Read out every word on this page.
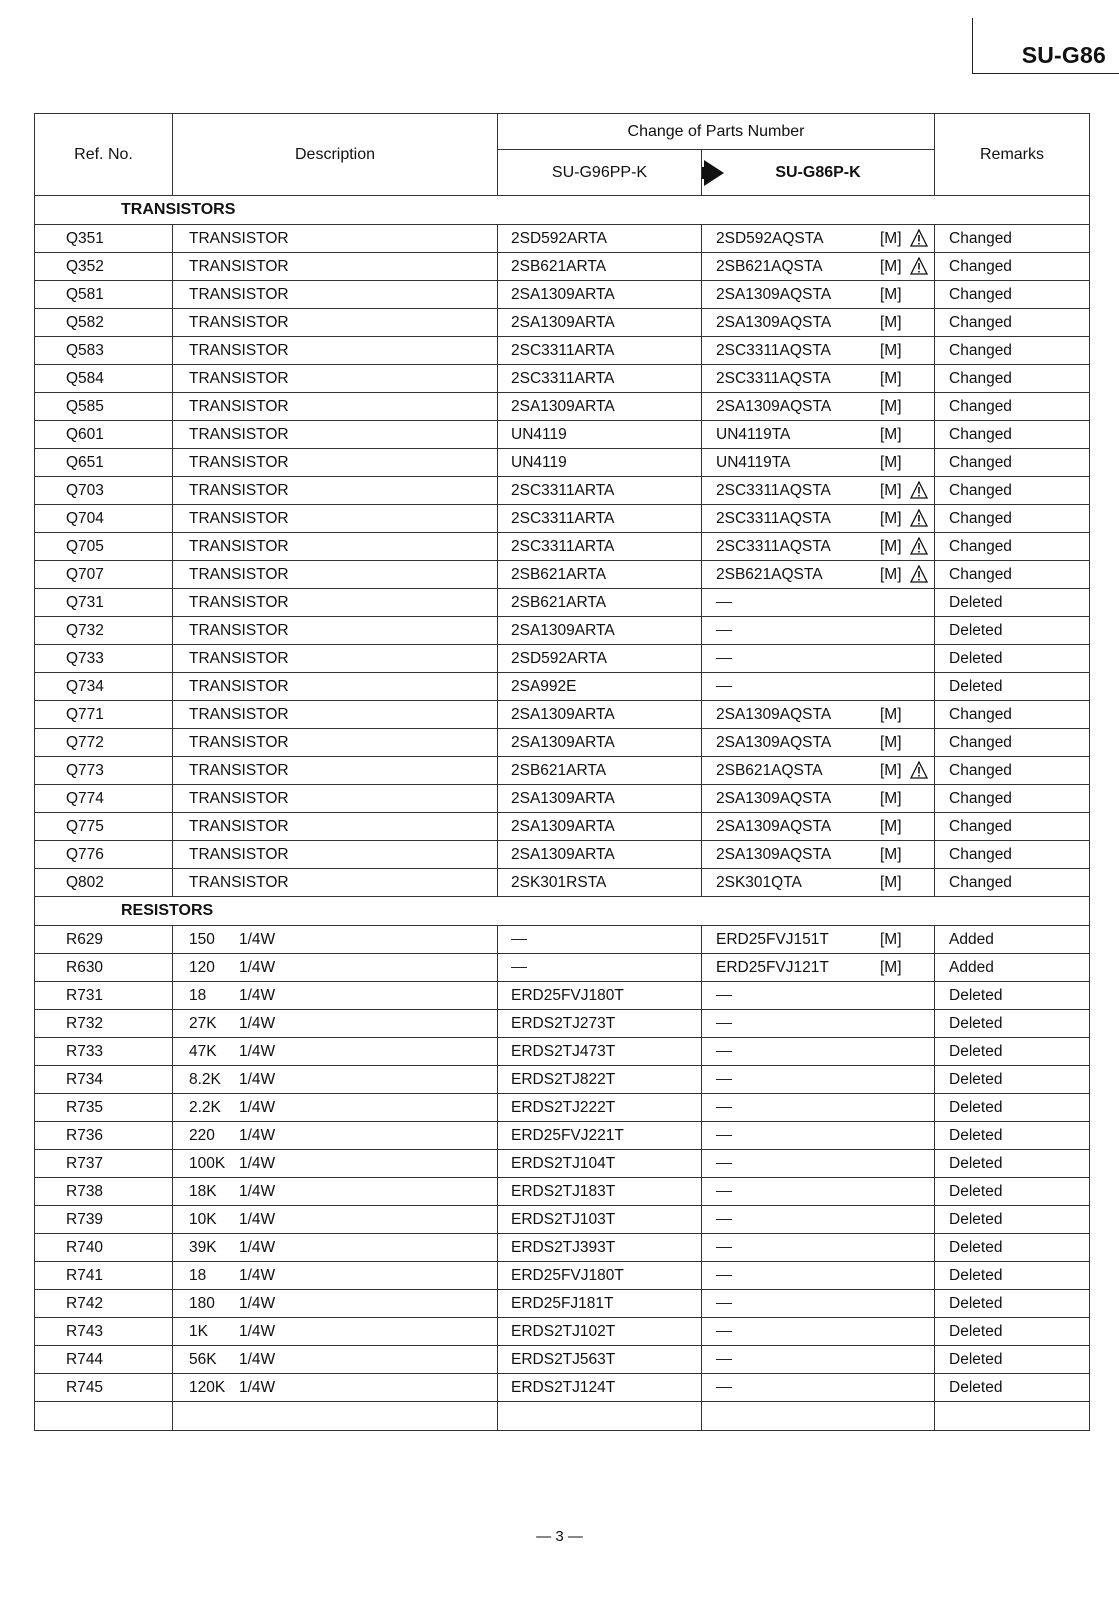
SU-G86
Ref. No.	Description	Change of Parts Number		Remarks
		SU-G96PP-K	SU-G86P-K	
TRANSISTORS				
Q351	TRANSISTOR	2SD592ARTA	2SD592AQSTA [M]	Changed
Q352	TRANSISTOR	2SB621ARTA	2SB621AQSTA [M]	Changed
Q581	TRANSISTOR	2SA1309ARTA	2SA1309AQSTA [M]	Changed
Q582	TRANSISTOR	2SA1309ARTA	2SA1309AQSTA [M]	Changed
Q583	TRANSISTOR	2SC3311ARTA	2SC3311AQSTA [M]	Changed
Q584	TRANSISTOR	2SC3311ARTA	2SC3311AQSTA [M]	Changed
Q585	TRANSISTOR	2SA1309ARTA	2SA1309AQSTA [M]	Changed
Q601	TRANSISTOR	UN4119	UN4119TA [M]	Changed
Q651	TRANSISTOR	UN4119	UN4119TA [M]	Changed
Q703	TRANSISTOR	2SC3311ARTA	2SC3311AQSTA [M]	Changed
Q704	TRANSISTOR	2SC3311ARTA	2SC3311AQSTA [M]	Changed
Q705	TRANSISTOR	2SC3311ARTA	2SC3311AQSTA [M]	Changed
Q707	TRANSISTOR	2SB621ARTA	2SB621AQSTA [M]	Changed
Q731	TRANSISTOR	2SB621ARTA		Deleted
Q732	TRANSISTOR	2SA1309ARTA		Deleted
Q733	TRANSISTOR	2SD592ARTA		Deleted
Q734	TRANSISTOR	2SA992E		Deleted
Q771	TRANSISTOR	2SA1309ARTA	2SA1309AQSTA [M]	Changed
Q772	TRANSISTOR	2SA1309ARTA	2SA1309AQSTA [M]	Changed
Q773	TRANSISTOR	2SB621ARTA	2SB621AQSTA [M]	Changed
Q774	TRANSISTOR	2SA1309ARTA	2SA1309AQSTA [M]	Changed
Q775	TRANSISTOR	2SA1309ARTA	2SA1309AQSTA [M]	Changed
Q776	TRANSISTOR	2SA1309ARTA	2SA1309AQSTA [M]	Changed
Q802	TRANSISTOR	2SK301RSTA	2SK301QTA [M]	Changed
RESISTORS				
R629	150 1/4W		ERD25FVJ151T [M]	Added
R630	120 1/4W		ERD25FVJ121T [M]	Added
R731	18 1/4W	ERD25FVJ180T		Deleted
R732	27K 1/4W	ERDS2TJ273T		Deleted
R733	47K 1/4W	ERDS2TJ473T		Deleted
R734	8.2K 1/4W	ERDS2TJ822T		Deleted
R735	2.2K 1/4W	ERDS2TJ222T		Deleted
R736	220 1/4W	ERD25FVJ221T		Deleted
R737	100K 1/4W	ERDS2TJ104T		Deleted
R738	18K 1/4W	ERDS2TJ183T		Deleted
R739	10K 1/4W	ERDS2TJ103T		Deleted
R740	39K 1/4W	ERDS2TJ393T		Deleted
R741	18 1/4W	ERD25FVJ180T		Deleted
R742	180 1/4W	ERD25FJ181T		Deleted
R743	1K 1/4W	ERDS2TJ102T		Deleted
R744	56K 1/4W	ERDS2TJ563T		Deleted
R745	120K 1/4W	ERDS2TJ124T		Deleted

— 3 —
